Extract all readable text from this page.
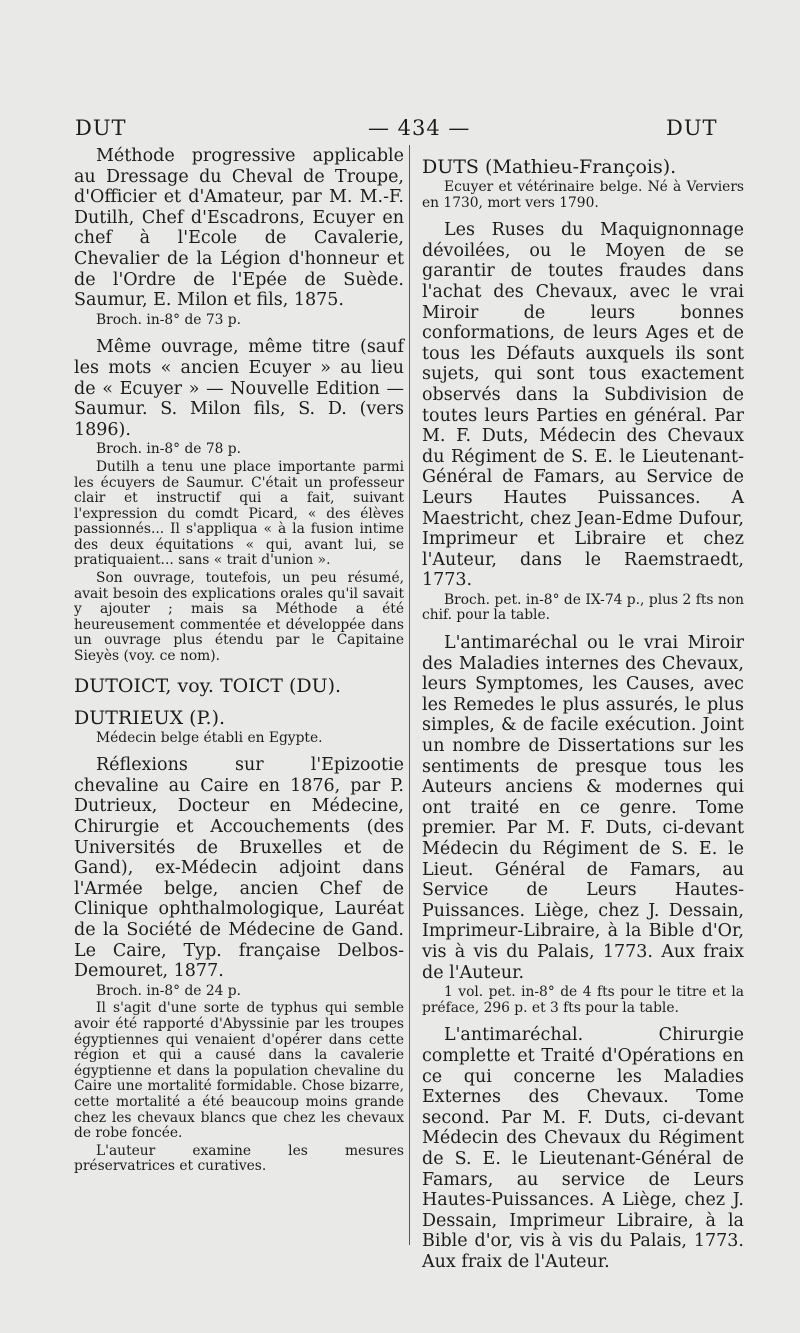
DUT	— 434 —	DUT

Méthode progressive applicable au Dressage du Cheval de Troupe, d'Officier et d'Amateur, par M. M.-F. Dutilh, Chef d'Escadrons, Ecuyer en chef à l'Ecole de Cavalerie, Chevalier de la Légion d'honneur et de l'Ordre de l'Epée de Suède. Saumur, E. Milon et fils, 1875.

Broch. in-8° de 73 p.

Même ouvrage, même titre (sauf les mots « ancien Ecuyer » au lieu de « Ecuyer » — Nouvelle Edition — Saumur. S. Milon fils, S. D. (vers 1896).

Broch. in-8° de 78 p.

Dutilh a tenu une place importante parmi les écuyers de Saumur. C'était un professeur clair et instructif qui a fait, suivant l'expression du comdt Picard, « des élèves passionnés... Il s'appliqua « à la fusion intime des deux équitations « qui, avant lui, se pratiquaient... sans « trait d'union ».

Son ouvrage, toutefois, un peu résumé, avait besoin des explications orales qu'il savait y ajouter ; mais sa Méthode a été heureusement commentée et développée dans un ouvrage plus étendu par le Capitaine Sieyès (voy. ce nom).

DUTOICT, voy. TOICT (DU).

DUTRIEUX (P.).

Médecin belge établi en Egypte.

Réflexions sur l'Epizootie chevaline au Caire en 1876, par P. Dutrieux, Docteur en Médecine, Chirurgie et Accouchements (des Universités de Bruxelles et de Gand), ex-Médecin adjoint dans l'Armée belge, ancien Chef de Clinique ophthalmologique, Lauréat de la Société de Médecine de Gand. Le Caire, Typ. française Delbos-Demouret, 1877.

Broch. in-8° de 24 p.

Il s'agit d'une sorte de typhus qui semble avoir été rapporté d'Abyssinie par les troupes égyptiennes qui venaient d'opérer dans cette région et qui a causé dans la cavalerie égyptienne et dans la population chevaline du Caire une mortalité formidable. Chose bizarre, cette mortalité a été beaucoup moins grande chez les chevaux blancs que chez les chevaux de robe foncée.

L'auteur examine les mesures préservatrices et curatives.

DUTS (Mathieu-François).

Ecuyer et vétérinaire belge. Né à Verviers en 1730, mort vers 1790.

Les Ruses du Maquignonnage dévoilées, ou le Moyen de se garantir de toutes fraudes dans l'achat des Chevaux, avec le vrai Miroir de leurs bonnes conformations, de leurs Ages et de tous les Défauts auxquels ils sont sujets, qui sont tous exactement observés dans la Subdivision de toutes leurs Parties en général. Par M. F. Duts, Médecin des Chevaux du Régiment de S. E. le Lieutenant-Général de Famars, au Service de Leurs Hautes Puissances. A Maestricht, chez Jean-Edme Dufour, Imprimeur et Libraire et chez l'Auteur, dans le Raemstraedt, 1773.

Broch. pet. in-8° de IX-74 p., plus 2 fts non chif. pour la table.

L'antimaréchal ou le vrai Miroir des Maladies internes des Chevaux, leurs Symptomes, les Causes, avec les Remedes le plus assurés, le plus simples, & de facile exécution. Joint un nombre de Dissertations sur les sentiments de presque tous les Auteurs anciens & modernes qui ont traité en ce genre. Tome premier. Par M. F. Duts, ci-devant Médecin du Régiment de S. E. le Lieut. Général de Famars, au Service de Leurs Hautes-Puissances. Liège, chez J. Dessain, Imprimeur-Libraire, à la Bible d'Or, vis à vis du Palais, 1773. Aux fraix de l'Auteur.

1 vol. pet. in-8° de 4 fts pour le titre et la préface, 296 p. et 3 fts pour la table.

L'antimaréchal. Chirurgie complette et Traité d'Opérations en ce qui concerne les Maladies Externes des Chevaux. Tome second. Par M. F. Duts, ci-devant Médecin des Chevaux du Régiment de S. E. le Lieutenant-Général de Famars, au service de Leurs Hautes-Puissances. A Liège, chez J. Dessain, Imprimeur Libraire, à la Bible d'or, vis à vis du Palais, 1773. Aux fraix de l'Auteur.
